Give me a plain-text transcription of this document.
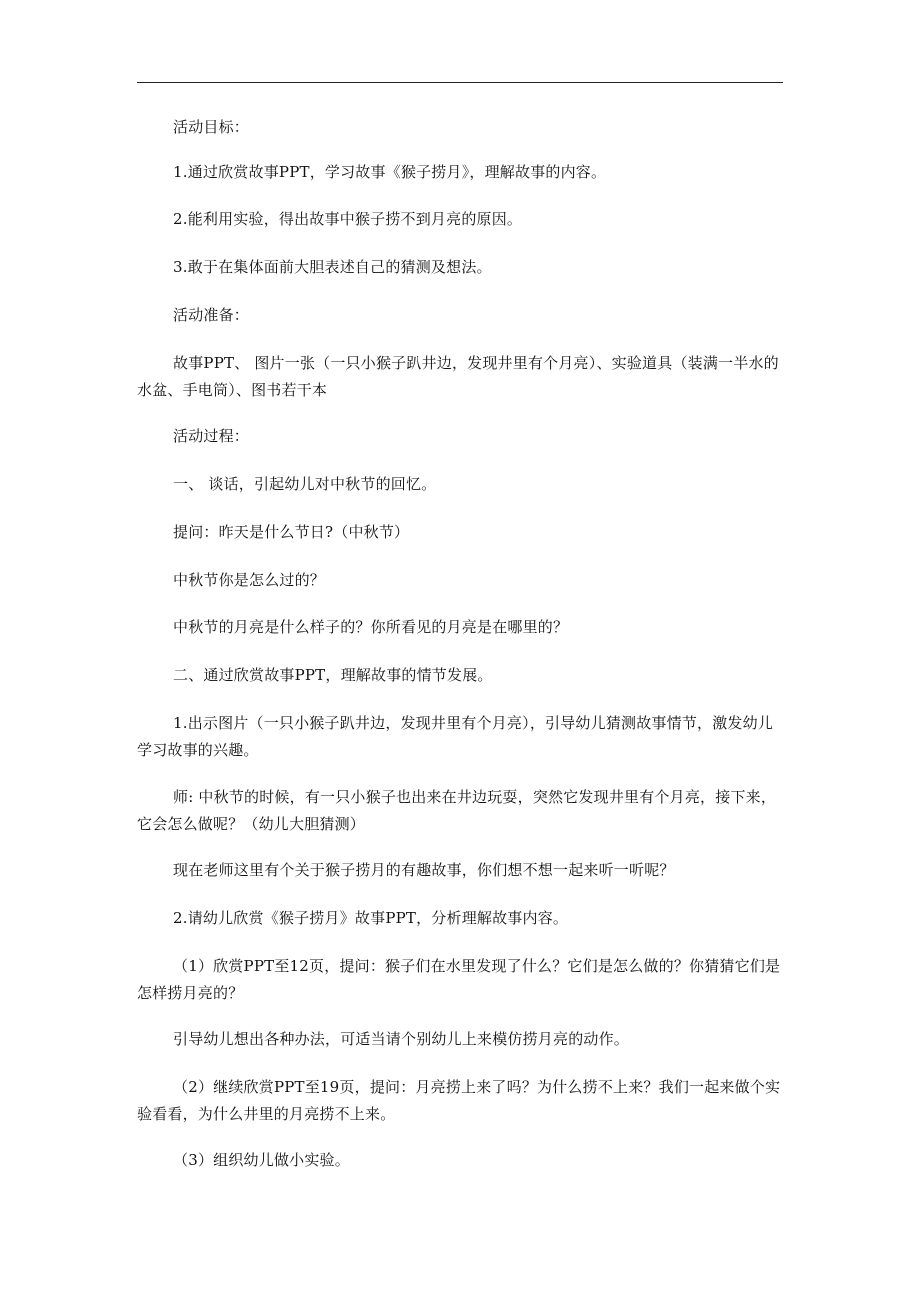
活动目标：

1.通过欣赏故事PPT，学习故事《猴子捞月》，理解故事的内容。

2.能利用实验，得出故事中猴子捞不到月亮的原因。

3.敢于在集体面前大胆表述自己的猜测及想法。

活动准备：

故事PPT、 图片一张（一只小猴子趴井边，发现井里有个月亮）、实验道具（装满一半水的水盆、手电筒）、图书若干本

活动过程：

一、 谈话，引起幼儿对中秋节的回忆。

提问：昨天是什么节日?（中秋节）

中秋节你是怎么过的？

中秋节的月亮是什么样子的？你所看见的月亮是在哪里的？

二、通过欣赏故事PPT，理解故事的情节发展。

1.出示图片（一只小猴子趴井边，发现井里有个月亮），引导幼儿猜测故事情节，激发幼儿学习故事的兴趣。

师: 中秋节的时候，有一只小猴子也出来在井边玩耍，突然它发现井里有个月亮，接下来，它会怎么做呢？（幼儿大胆猜测）

现在老师这里有个关于猴子捞月的有趣故事，你们想不想一起来听一听呢？

2.请幼儿欣赏《猴子捞月》故事PPT，分析理解故事内容。

（1）欣赏PPT至12页，提问：猴子们在水里发现了什么？它们是怎么做的？你猜猜它们是怎样捞月亮的？

引导幼儿想出各种办法，可适当请个别幼儿上来模仿捞月亮的动作。

（2）继续欣赏PPT至19页，提问：月亮捞上来了吗？为什么捞不上来？我们一起来做个实验看看，为什么井里的月亮捞不上来。

（3）组织幼儿做小实验。
